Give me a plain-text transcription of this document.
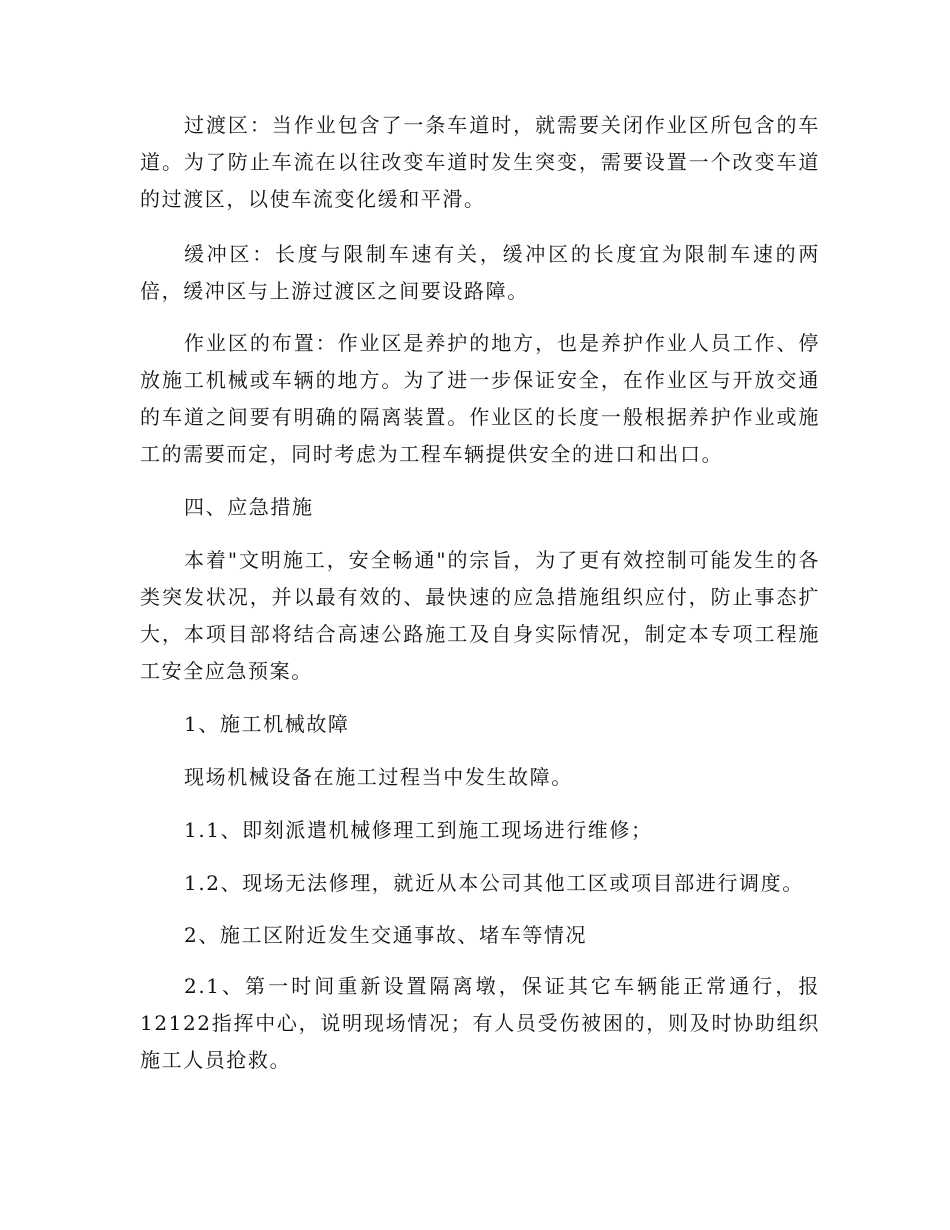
过渡区：当作业包含了一条车道时，就需要关闭作业区所包含的车道。为了防止车流在以往改变车道时发生突变，需要设置一个改变车道的过渡区，以使车流变化缓和平滑。

缓冲区：长度与限制车速有关，缓冲区的长度宜为限制车速的两倍，缓冲区与上游过渡区之间要设路障。

作业区的布置：作业区是养护的地方，也是养护作业人员工作、停放施工机械或车辆的地方。为了进一步保证安全，在作业区与开放交通的车道之间要有明确的隔离装置。作业区的长度一般根据养护作业或施工的需要而定，同时考虑为工程车辆提供安全的进口和出口。

四、应急措施

本着"文明施工，安全畅通"的宗旨，为了更有效控制可能发生的各类突发状况，并以最有效的、最快速的应急措施组织应付，防止事态扩大，本项目部将结合高速公路施工及自身实际情况，制定本专项工程施工安全应急预案。

1、施工机械故障

现场机械设备在施工过程当中发生故障。

1.1、即刻派遣机械修理工到施工现场进行维修；

1.2、现场无法修理，就近从本公司其他工区或项目部进行调度。

2、施工区附近发生交通事故、堵车等情况

2.1、第一时间重新设置隔离墩，保证其它车辆能正常通行，报12122指挥中心，说明现场情况；有人员受伤被困的，则及时协助组织施工人员抢救。
